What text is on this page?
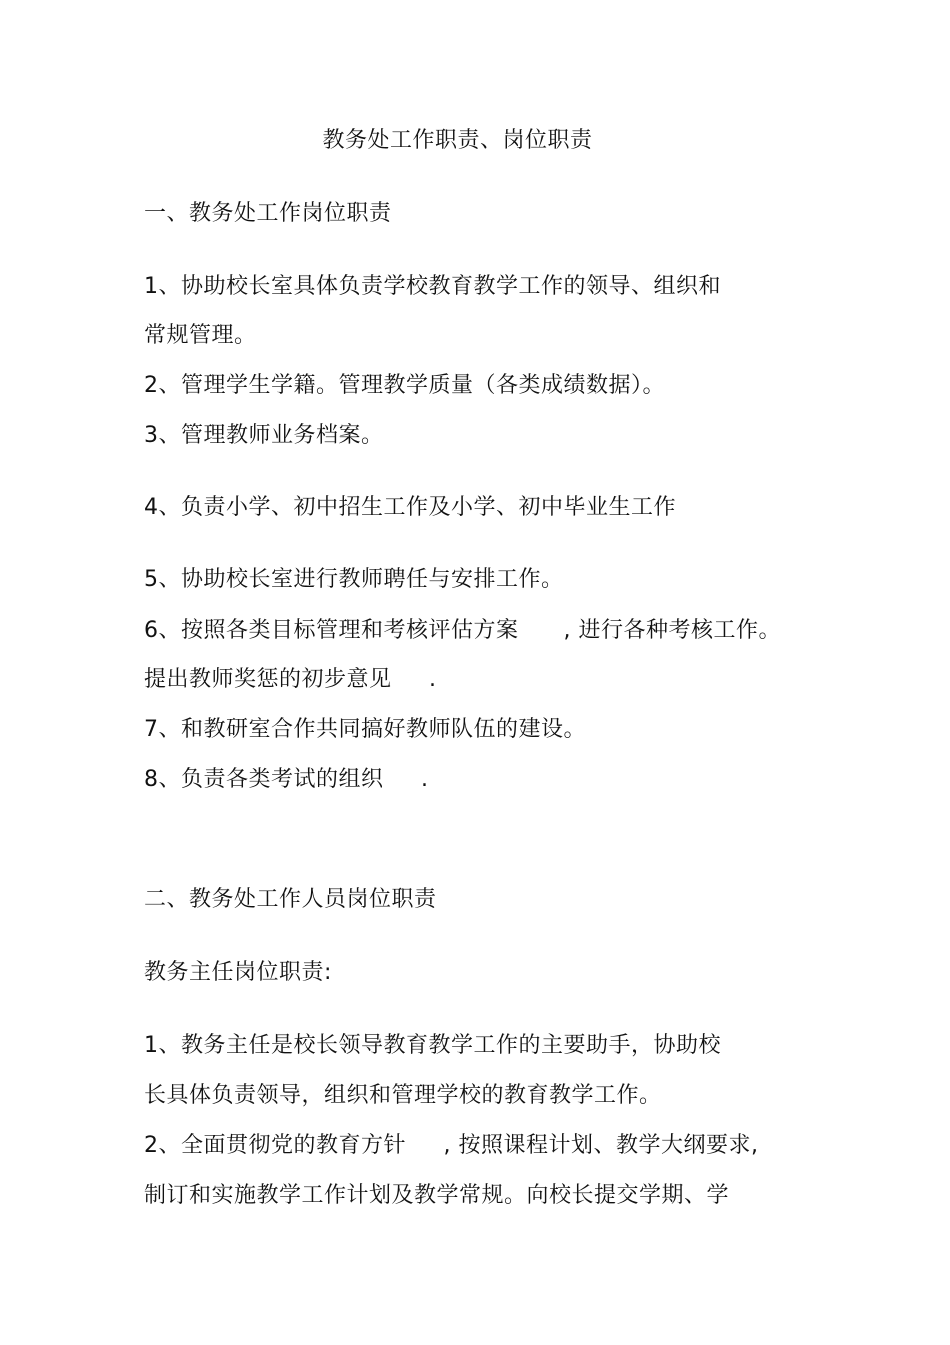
教务处工作职责、岗位职责
一、教务处工作岗位职责
1、协助校长室具体负责学校教育教学工作的领导、组织和
常规管理。
2、管理学生学籍。管理教学质量（各类成绩数据）。
3、管理教师业务档案。
4、负责小学、初中招生工作及小学、初中毕业生工作
5、协助校长室进行教师聘任与安排工作。
6、按照各类目标管理和考核评估方案      , 进行各种考核工作。
提出教师奖惩的初步意见     .
7、和教研室合作共同搞好教师队伍的建设。
8、负责各类考试的组织     .
二、教务处工作人员岗位职责
教务主任岗位职责:
1、教务主任是校长领导教育教学工作的主要助手，协助校
长具体负责领导，组织和管理学校的教育教学工作。
2、全面贯彻党的教育方针     , 按照课程计划、教学大纲要求,
制订和实施教学工作计划及教学常规。向校长提交学期、学
